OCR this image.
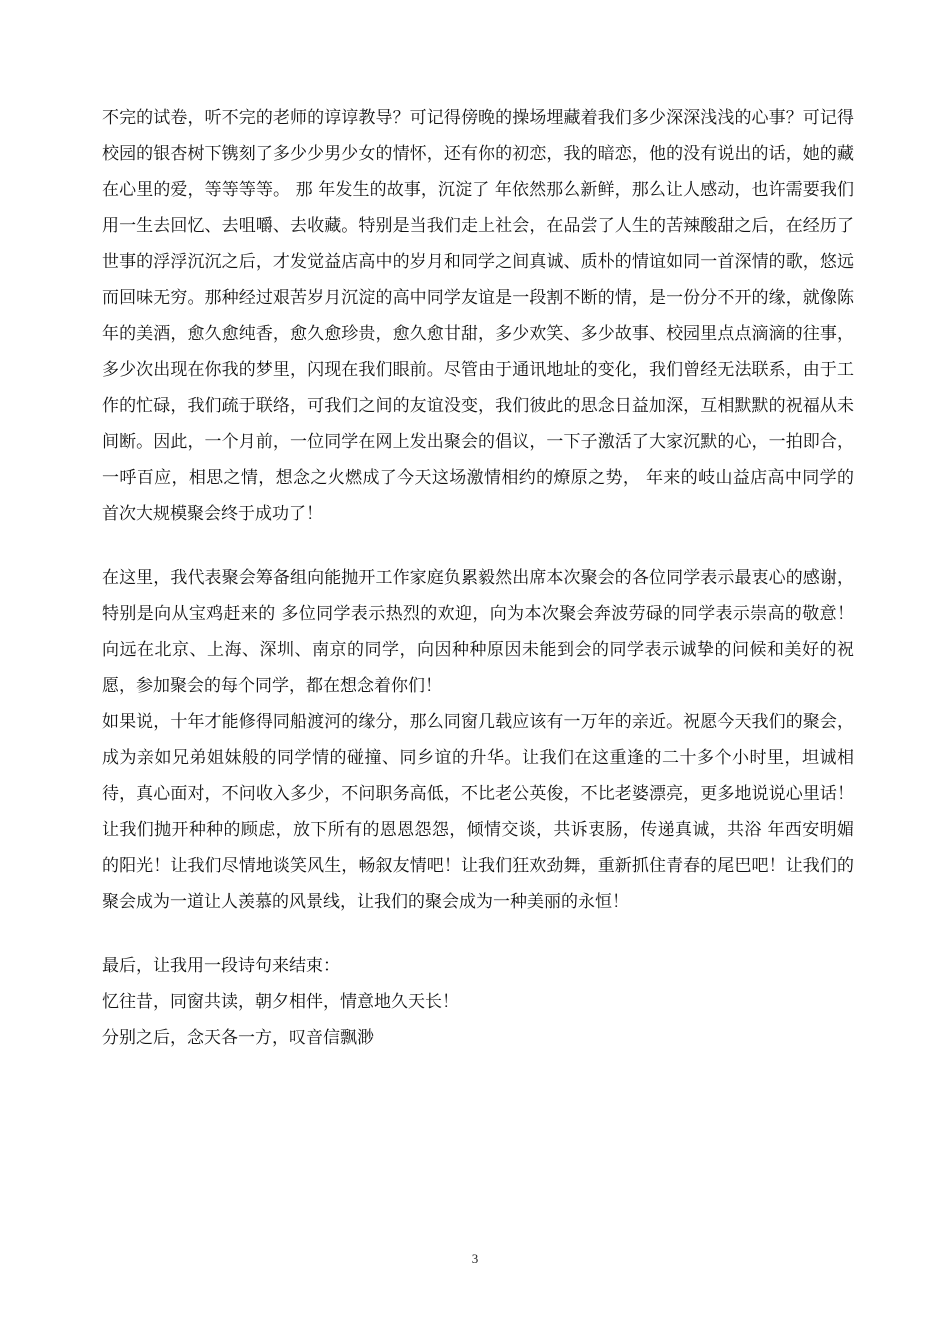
不完的试卷，听不完的老师的谆谆教导？可记得傍晚的操场埋藏着我们多少深深浅浅的心事？可记得校园的银杏树下镌刻了多少少男少女的情怀，还有你的初恋，我的暗恋，他的没有说出的话，她的藏在心里的爱，等等等等。 那 年发生的故事，沉淀了 年依然那么新鲜，那么让人感动，也许需要我们用一生去回忆、去咀嚼、去收藏。特别是当我们走上社会，在品尝了人生的苦辣酸甜之后，在经历了世事的浮浮沉沉之后，才发觉益店高中的岁月和同学之间真诚、质朴的情谊如同一首深情的歌，悠远而回味无穷。那种经过艰苦岁月沉淀的高中同学友谊是一段割不断的情，是一份分不开的缘，就像陈年的美酒，愈久愈纯香，愈久愈珍贵，愈久愈甘甜，多少欢笑、多少故事、校园里点点滴滴的往事，多少次出现在你我的梦里，闪现在我们眼前。尽管由于通讯地址的变化，我们曾经无法联系，由于工作的忙碌，我们疏于联络，可我们之间的友谊没变，我们彼此的思念日益加深，互相默默的祝福从未间断。因此，一个月前，一位同学在网上发出聚会的倡议，一下子激活了大家沉默的心，一拍即合，一呼百应，相思之情，想念之火燃成了今天这场激情相约的燎原之势， 年来的岐山益店高中同学的首次大规模聚会终于成功了！

在这里，我代表聚会筹备组向能抛开工作家庭负累毅然出席本次聚会的各位同学表示最衷心的感谢，特别是向从宝鸡赶来的 多位同学表示热烈的欢迎，向为本次聚会奔波劳碌的同学表示崇高的敬意！向远在北京、上海、深圳、南京的同学，向因种种原因未能到会的同学表示诚挚的问候和美好的祝愿，参加聚会的每个同学，都在想念着你们！

如果说，十年才能修得同船渡河的缘分，那么同窗几载应该有一万年的亲近。祝愿今天我们的聚会，成为亲如兄弟姐妹般的同学情的碰撞、同乡谊的升华。让我们在这重逢的二十多个小时里，坦诚相待，真心面对，不问收入多少，不问职务高低，不比老公英俊，不比老婆漂亮，更多地说说心里话！让我们抛开种种的顾虑，放下所有的恩恩怨怨，倾情交谈，共诉衷肠，传递真诚，共浴 年西安明媚的阳光！让我们尽情地谈笑风生，畅叙友情吧！让我们狂欢劲舞，重新抓住青春的尾巴吧！让我们的聚会成为一道让人羡慕的风景线，让我们的聚会成为一种美丽的永恒！

最后，让我用一段诗句来结束：

忆往昔，同窗共读，朝夕相伴，情意地久天长！

分别之后，念天各一方，叹音信飘渺

3
